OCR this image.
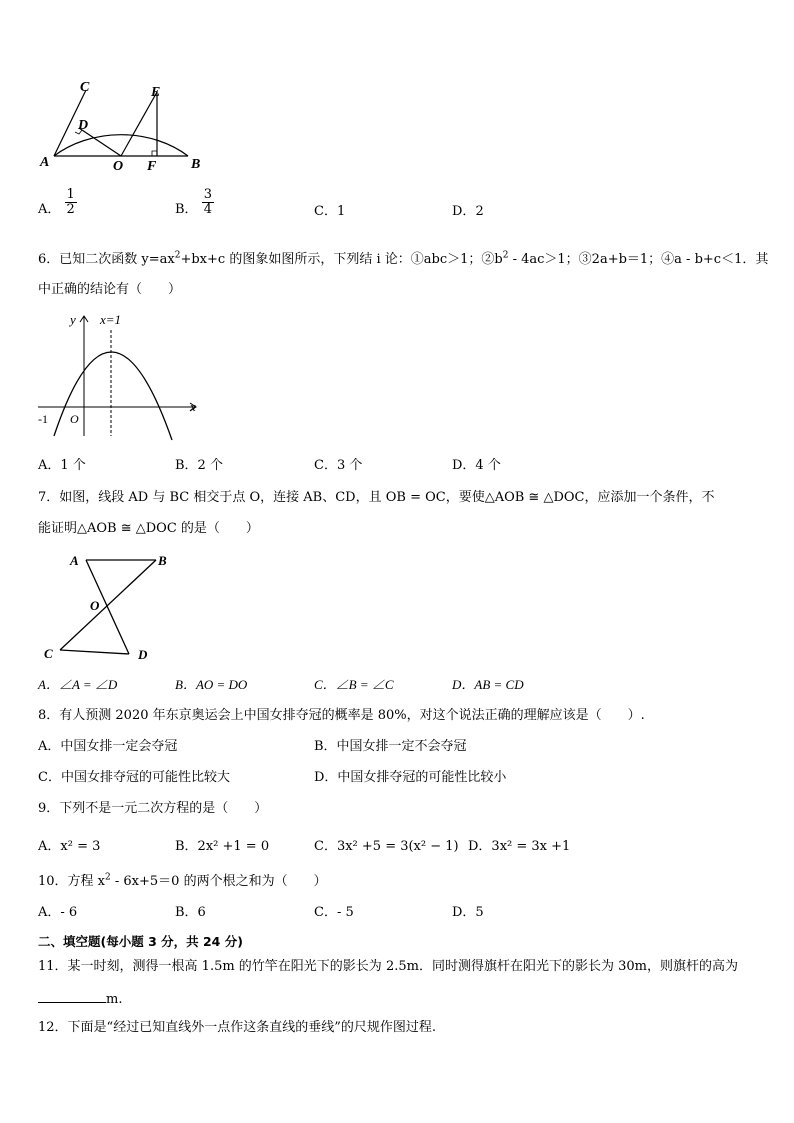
A	B
C
D
E
F
O
A． $\frac{1}{2}$	B． $\frac{3}{4}$	C．1	D．2
6．已知二次函数 $y=ax^2+bx+c$ 的图象如图所示，下列结 i 论：①abc＞1；$②b^2 - 4ac>1$；③2a+b＝1；④a - b+c＜1．其
中正确的结论有（　　）
y
x
x=1
-1 O
A．1 个	B．2 个	C．3 个	D．4 个
7．如图，线段 AD 与 BC 相交于点 O，连接 AB、CD，且 OB = OC，要使△AOB ≅ △DOC，应添加一个条件，不
能证明△AOB ≅ △DOC 的是（　　）
A	B
O
C	D
A．∠A = ∠D	B．AO = DO	C．∠B = ∠C	D．AB = CD
8．有人预测 2020 年东京奥运会上中国女排夺冠的概率是 80%，对这个说法正确的理解应该是（　　）.
A．中国女排一定会夺冠	B．中国女排一定不会夺冠
C．中国女排夺冠的可能性比较大	D．中国女排夺冠的可能性比较小
9．下列不是一元二次方程的是（　　）
A．x² = 3	B．2x² +1 = 0	C．3x² +5 = 3(x² − 1) D．3x² = 3x +1
10．方程 $x^2 - 6x+5=0$ 的两个根之和为（　　）
A．- 6	B．6	C．- 5	D．5
二、填空题(每小题 3 分，共 24 分)
11．某一时刻，测得一根高 1.5m 的竹竿在阳光下的影长为 2.5m．同时测得旗杆在阳光下的影长为 30m，则旗杆的高为
m.
12．下面是“经过已知直线外一点作这条直线的垂线”的尺规作图过程.
